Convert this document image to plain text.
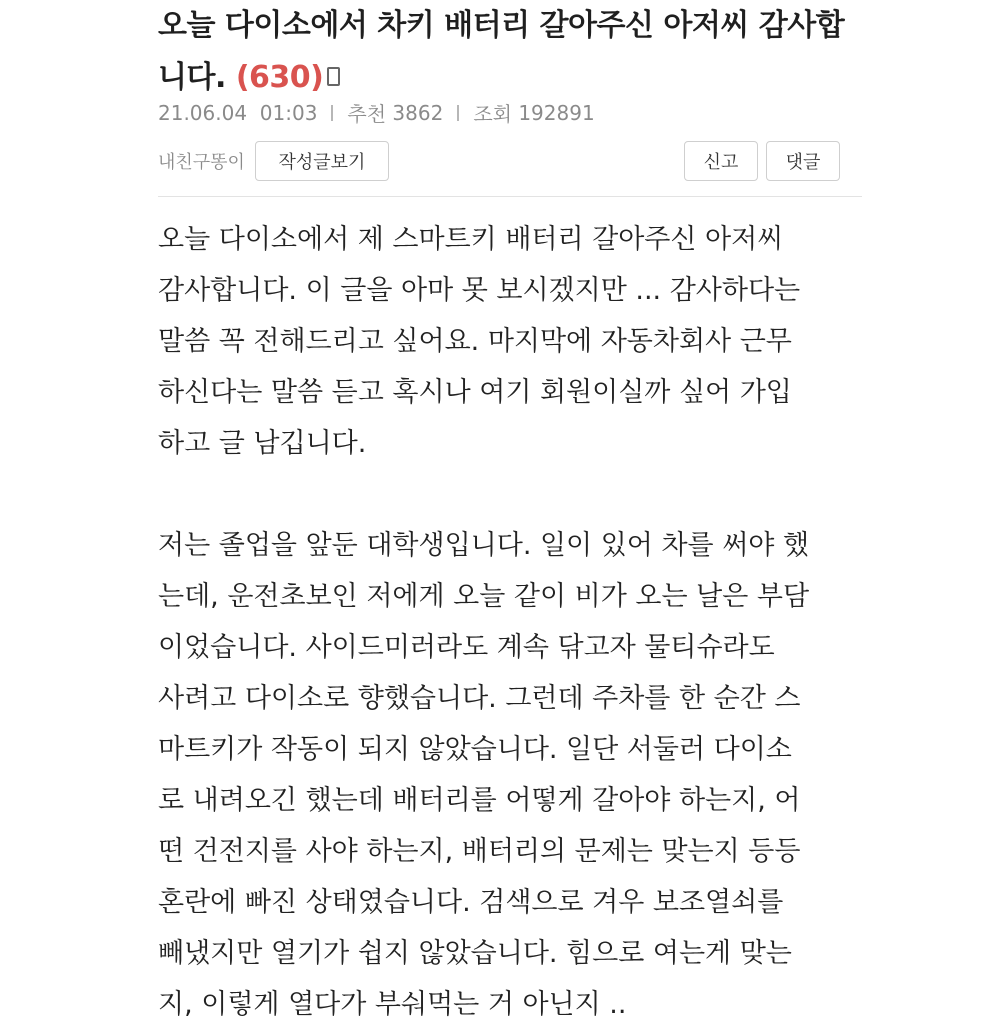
오늘 다이소에서 차키 배터리 갈아주신 아저씨 감사합
니다. (630)
21.06.04
01:03 추천
3862 조회
192891
내친구똥이	작성글보기	신고	댓글

오늘 다이소에서 제 스마트키 배터리 갈아주신 아저씨
감사합니다. 이 글을 아마 못 보시겠지만 ... 감사하다는
말씀 꼭 전해드리고 싶어요. 마지막에 자동차회사 근무
하신다는 말씀 듣고 혹시나 여기 회원이실까 싶어 가입
하고 글 남깁니다.

저는 졸업을 앞둔 대학생입니다. 일이 있어 차를 써야 했
는데, 운전초보인 저에게 오늘 같이 비가 오는 날은 부담
이었습니다. 사이드미러라도 계속 닦고자 물티슈라도
사려고 다이소로 향했습니다. 그런데 주차를 한 순간 스
마트키가 작동이 되지 않았습니다. 일단 서둘러 다이소
로 내려오긴 했는데 배터리를 어떻게 갈아야 하는지, 어
떤 건전지를 사야 하는지, 배터리의 문제는 맞는지 등등
혼란에 빠진 상태였습니다. 검색으로 겨우 보조열쇠를
빼냈지만 열기가 쉽지 않았습니다. 힘으로 여는게 맞는
지, 이렇게 열다가 부숴먹는 거 아닌지 ..
